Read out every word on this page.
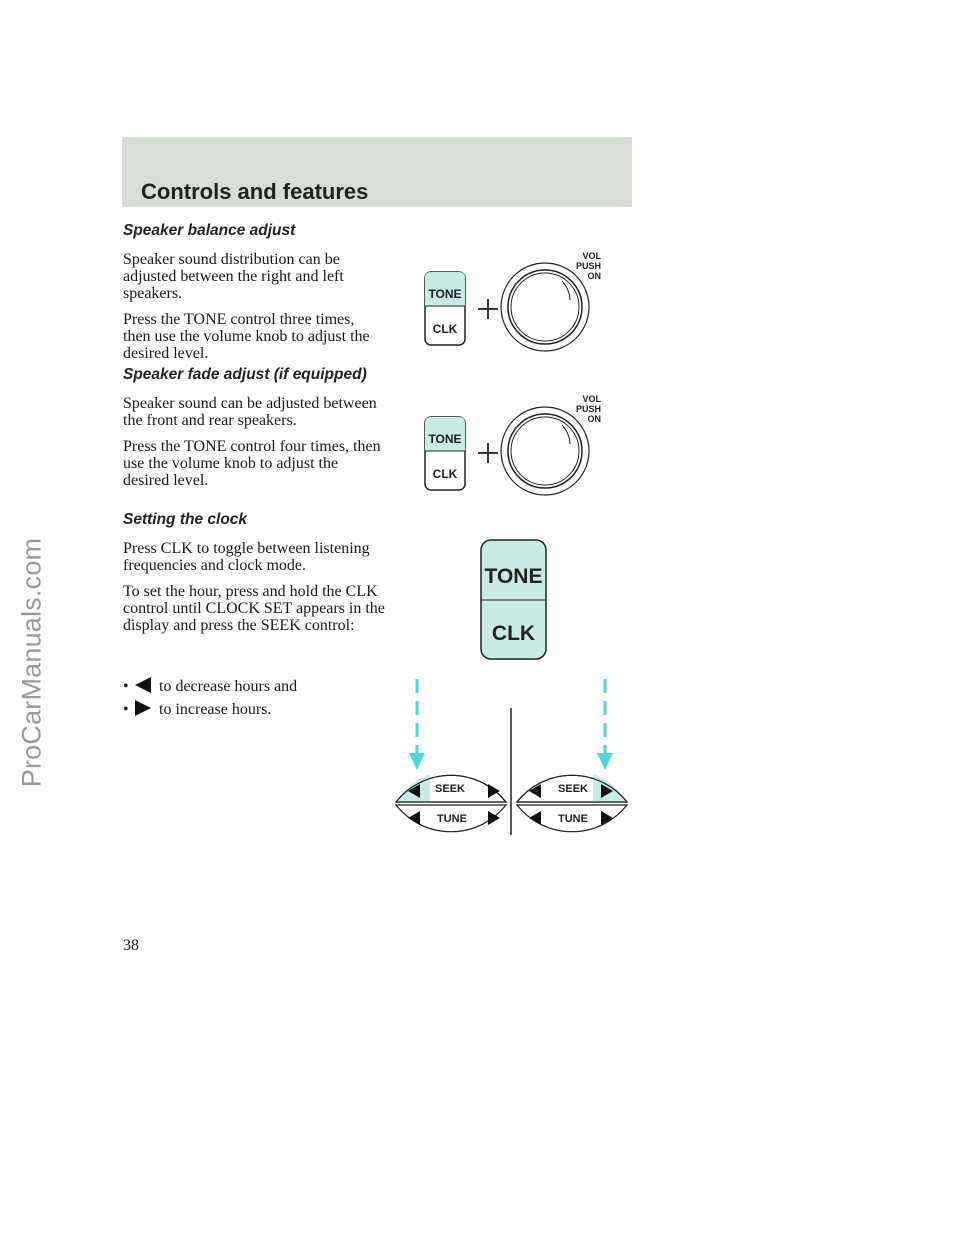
ProCarManuals.com
Controls and features
Speaker balance adjust

Speaker sound distribution can be adjusted between the right and left speakers.

Press the TONE control three times, then use the volume knob to adjust the desired level.

Speaker fade adjust (if equipped)

Speaker sound can be adjusted between the front and rear speakers.

Press the TONE control four times, then use the volume knob to adjust the desired level.

Setting the clock

Press CLK to toggle between listening frequencies and clock mode.

To set the hour, press and hold the CLK control until CLOCK SET appears in the display and press the SEEK control:

• to decrease hours and
• to increase hours.
38
TONE
CLK
VOL
PUSH
ON
TONE
CLK
VOL
PUSH
ON
TONE
CLK
SEEK
TUNE
SEEK
TUNE
